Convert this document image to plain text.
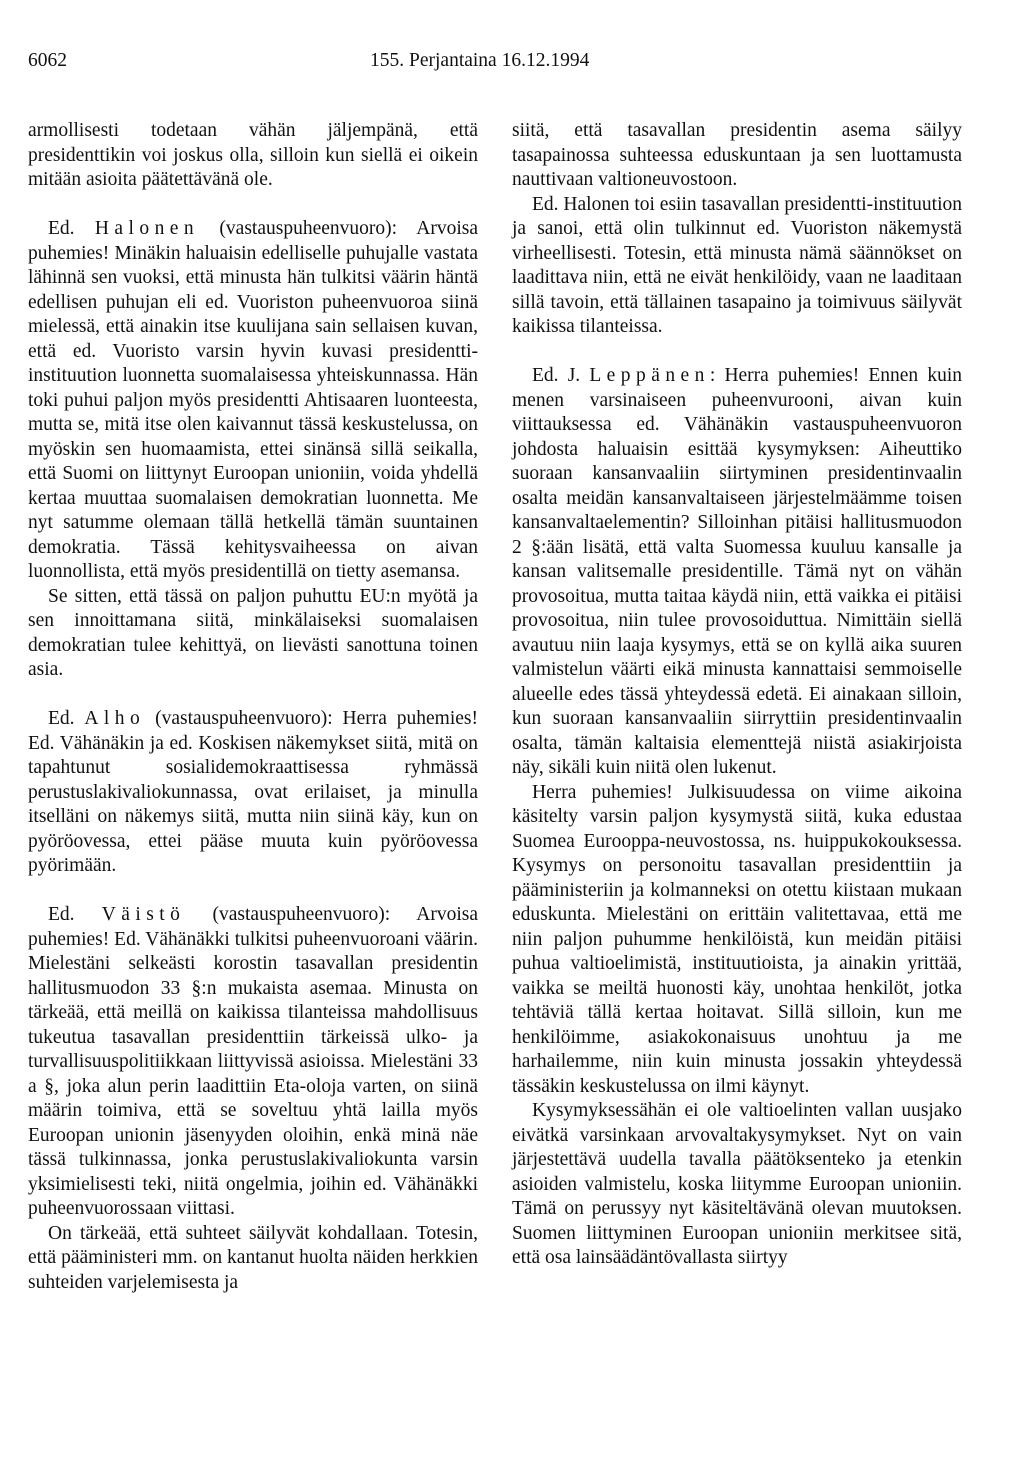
6062	155. Perjantaina 16.12.1994

armollisesti todetaan vähän jäljempänä, että presidenttikin voi joskus olla, silloin kun siellä ei oikein mitään asioita päätettävänä ole.

Ed. Halonen (vastauspuheenvuoro): Arvoisa puhemies! Minäkin haluaisin edelliselle puhujalle vastata lähinnä sen vuoksi, että minusta hän tulkitsi väärin häntä edellisen puhujan eli ed. Vuoriston puheenvuoroa siinä mielessä, että ainakin itse kuulijana sain sellaisen kuvan, että ed. Vuoristo varsin hyvin kuvasi presidentti-instituution luonnetta suomalaisessa yhteiskunnassa. Hän toki puhui paljon myös presidentti Ahtisaaren luonteesta, mutta se, mitä itse olen kaivannut tässä keskustelussa, on myöskin sen huomaamista, ettei sinänsä sillä seikalla, että Suomi on liittynyt Euroopan unioniin, voida yhdellä kertaa muuttaa suomalaisen demokratian luonnetta. Me nyt satumme olemaan tällä hetkellä tämän suuntainen demokratia. Tässä kehitysvaiheessa on aivan luonnollista, että myös presidentillä on tietty asemansa.

Se sitten, että tässä on paljon puhuttu EU:n myötä ja sen innoittamana siitä, minkälaiseksi suomalaisen demokratian tulee kehittyä, on lievästi sanottuna toinen asia.

Ed. Alho (vastauspuheenvuoro): Herra puhemies! Ed. Vähänäkin ja ed. Koskisen näkemykset siitä, mitä on tapahtunut sosialidemokraattisessa ryhmässä perustuslakivaliokunnassa, ovat erilaiset, ja minulla itselläni on näkemys siitä, mutta niin siinä käy, kun on pyöröovessa, ettei pääse muuta kuin pyöröovessa pyörimään.

Ed. Väistö (vastauspuheenvuoro): Arvoisa puhemies! Ed. Vähänäkki tulkitsi puheenvuoroani väärin. Mielestäni selkeästi korostin tasavallan presidentin hallitusmuodon 33 §:n mukaista asemaa. Minusta on tärkeää, että meillä on kaikissa tilanteissa mahdollisuus tukeutua tasavallan presidenttiin tärkeissä ulko- ja turvallisuuspolitiikkaan liittyvissä asioissa. Mielestäni 33 a §, joka alun perin laadittiin Eta-oloja varten, on siinä määrin toimiva, että se soveltuu yhtä lailla myös Euroopan unionin jäsenyyden oloihin, enkä minä näe tässä tulkinnassa, jonka perustuslakivaliokunta varsin yksimielisesti teki, niitä ongelmia, joihin ed. Vähänäkki puheenvuorossaan viittasi.

On tärkeää, että suhteet säilyvät kohdallaan. Totesin, että pääministeri mm. on kantanut huolta näiden herkkien suhteiden varjelemisesta ja

siitä, että tasavallan presidentin asema säilyy tasapainossa suhteessa eduskuntaan ja sen luottamusta nauttivaan valtioneuvostoon.

Ed. Halonen toi esiin tasavallan presidentti-instituution ja sanoi, että olin tulkinnut ed. Vuoriston näkemystä virheellisesti. Totesin, että minusta nämä säännökset on laadittava niin, että ne eivät henkilöidy, vaan ne laaditaan sillä tavoin, että tällainen tasapaino ja toimivuus säilyvät kaikissa tilanteissa.

Ed. J. Leppänen: Herra puhemies! Ennen kuin menen varsinaiseen puheenvurooni, aivan kuin viittauksessa ed. Vähänäkin vastauspuheenvuoron johdosta haluaisin esittää kysymyksen: Aiheuttiko suoraan kansanvaaliin siirtyminen presidentinvaalin osalta meidän kansanvaltaiseen järjestelmäämme toisen kansanvaltaelementin? Silloinhan pitäisi hallitusmuodon 2 §:ään lisätä, että valta Suomessa kuuluu kansalle ja kansan valitsemalle presidentille. Tämä nyt on vähän provosoitua, mutta taitaa käydä niin, että vaikka ei pitäisi provosoitua, niin tulee provosoiduttua. Nimittäin siellä avautuu niin laaja kysymys, että se on kyllä aika suuren valmistelun väärti eikä minusta kannattaisi semmoiselle alueelle edes tässä yhteydessä edetä. Ei ainakaan silloin, kun suoraan kansanvaaliin siirryttiin presidentinvaalin osalta, tämän kaltaisia elementtejä niistä asiakirjoista näy, sikäli kuin niitä olen lukenut.

Herra puhemies! Julkisuudessa on viime aikoina käsitelty varsin paljon kysymystä siitä, kuka edustaa Suomea Eurooppa-neuvostossa, ns. huippukokouksessa. Kysymys on personoitu tasavallan presidenttiin ja pääministeriin ja kolmanneksi on otettu kiistaan mukaan eduskunta. Mielestäni on erittäin valitettavaa, että me niin paljon puhumme henkilöistä, kun meidän pitäisi puhua valtioelimistä, instituutioista, ja ainakin yrittää, vaikka se meiltä huonosti käy, unohtaa henkilöt, jotka tehtäviä tällä kertaa hoitavat. Sillä silloin, kun me henkilöimme, asiakokonaisuus unohtuu ja me harhailemme, niin kuin minusta jossakin yhteydessä tässäkin keskustelussa on ilmi käynyt.

Kysymyksessähän ei ole valtioelinten vallan uusjako eivätkä varsinkaan arvovaltakysymykset. Nyt on vain järjestettävä uudella tavalla päätöksenteko ja etenkin asioiden valmistelu, koska liitymme Euroopan unioniin. Tämä on perussyy nyt käsiteltävänä olevan muutoksen. Suomen liittyminen Euroopan unioniin merkitsee sitä, että osa lainsäädäntövallasta siirtyy
